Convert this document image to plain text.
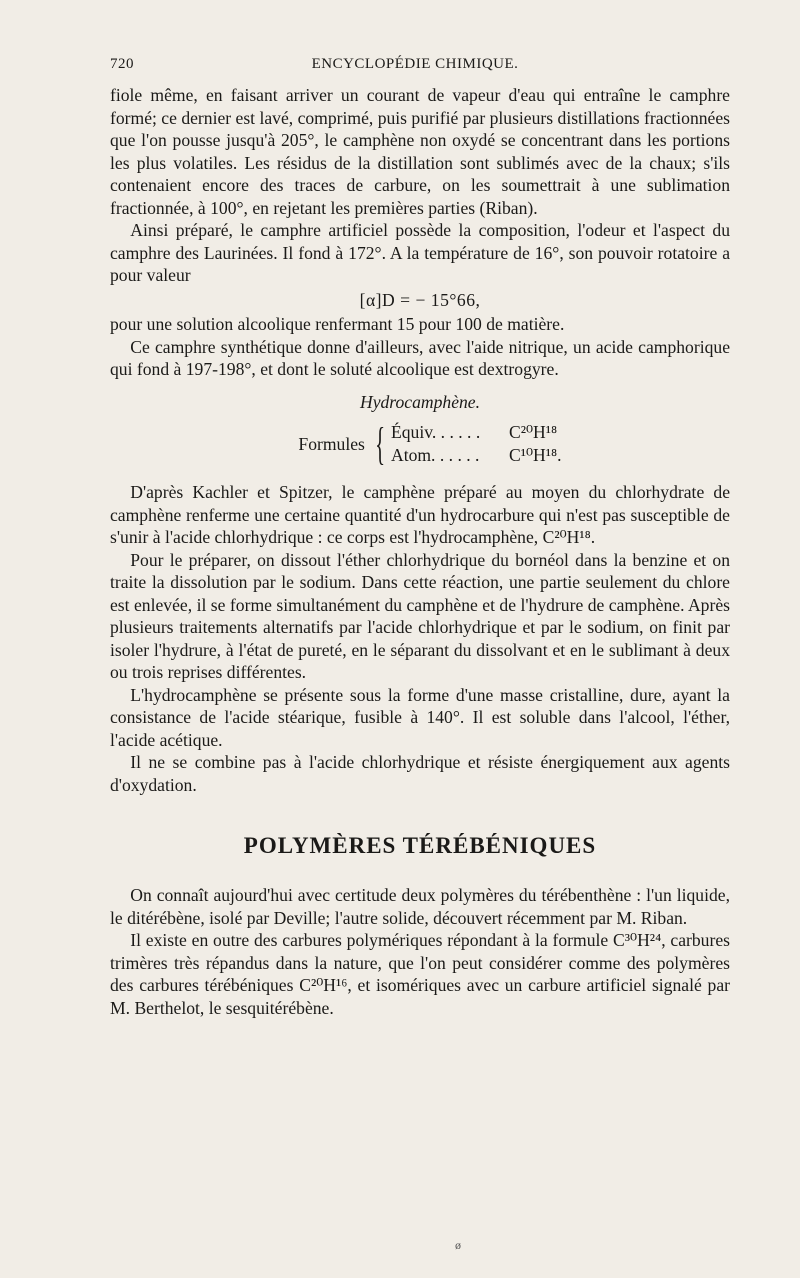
720	ENCYCLOPÉDIE CHIMIQUE.

fiole même, en faisant arriver un courant de vapeur d'eau qui entraîne le camphre formé; ce dernier est lavé, comprimé, puis purifié par plusieurs distillations fractionnées que l'on pousse jusqu'à 205°, le camphène non oxydé se concentrant dans les portions les plus volatiles. Les résidus de la distillation sont sublimés avec de la chaux; s'ils contenaient encore des traces de carbure, on les soumettrait à une sublimation fractionnée, à 100°, en rejetant les premières parties (Riban).

Ainsi préparé, le camphre artificiel possède la composition, l'odeur et l'aspect du camphre des Laurinées. Il fond à 172°. A la température de 16°, son pouvoir rotatoire a pour valeur

[α]D = − 15°66,

pour une solution alcoolique renfermant 15 pour 100 de matière.

Ce camphre synthétique donne d'ailleurs, avec l'aide nitrique, un acide camphorique qui fond à 197-198°, et dont le soluté alcoolique est dextrogyre.

Hydrocamphène.
Formules { Équiv. . . . . .	C²⁰H¹⁸
Atom. . . . . .	C¹⁰H¹⁸.

D'après Kachler et Spitzer, le camphène préparé au moyen du chlorhydrate de camphène renferme une certaine quantité d'un hydrocarbure qui n'est pas susceptible de s'unir à l'acide chlorhydrique : ce corps est l'hydrocamphène, C²⁰H¹⁸.

Pour le préparer, on dissout l'éther chlorhydrique du bornéol dans la benzine et on traite la dissolution par le sodium. Dans cette réaction, une partie seulement du chlore est enlevée, il se forme simultanément du camphène et de l'hydrure de camphène. Après plusieurs traitements alternatifs par l'acide chlorhydrique et par le sodium, on finit par isoler l'hydrure, à l'état de pureté, en le séparant du dissolvant et en le sublimant à deux ou trois reprises différentes.

L'hydrocamphène se présente sous la forme d'une masse cristalline, dure, ayant la consistance de l'acide stéarique, fusible à 140°. Il est soluble dans l'alcool, l'éther, l'acide acétique.

Il ne se combine pas à l'acide chlorhydrique et résiste énergiquement aux agents d'oxydation.

POLYMÈRES TÉRÉBÉNIQUES

On connaît aujourd'hui avec certitude deux polymères du térébenthène : l'un liquide, le ditérébène, isolé par Deville; l'autre solide, découvert récemment par M. Riban.

Il existe en outre des carbures polymériques répondant à la formule C³⁰H²⁴, carbures trimères très répandus dans la nature, que l'on peut considérer comme des polymères des carbures térébéniques C²⁰H¹⁶, et isomériques avec un carbure artificiel signalé par M. Berthelot, le sesquitérébène.

ø
